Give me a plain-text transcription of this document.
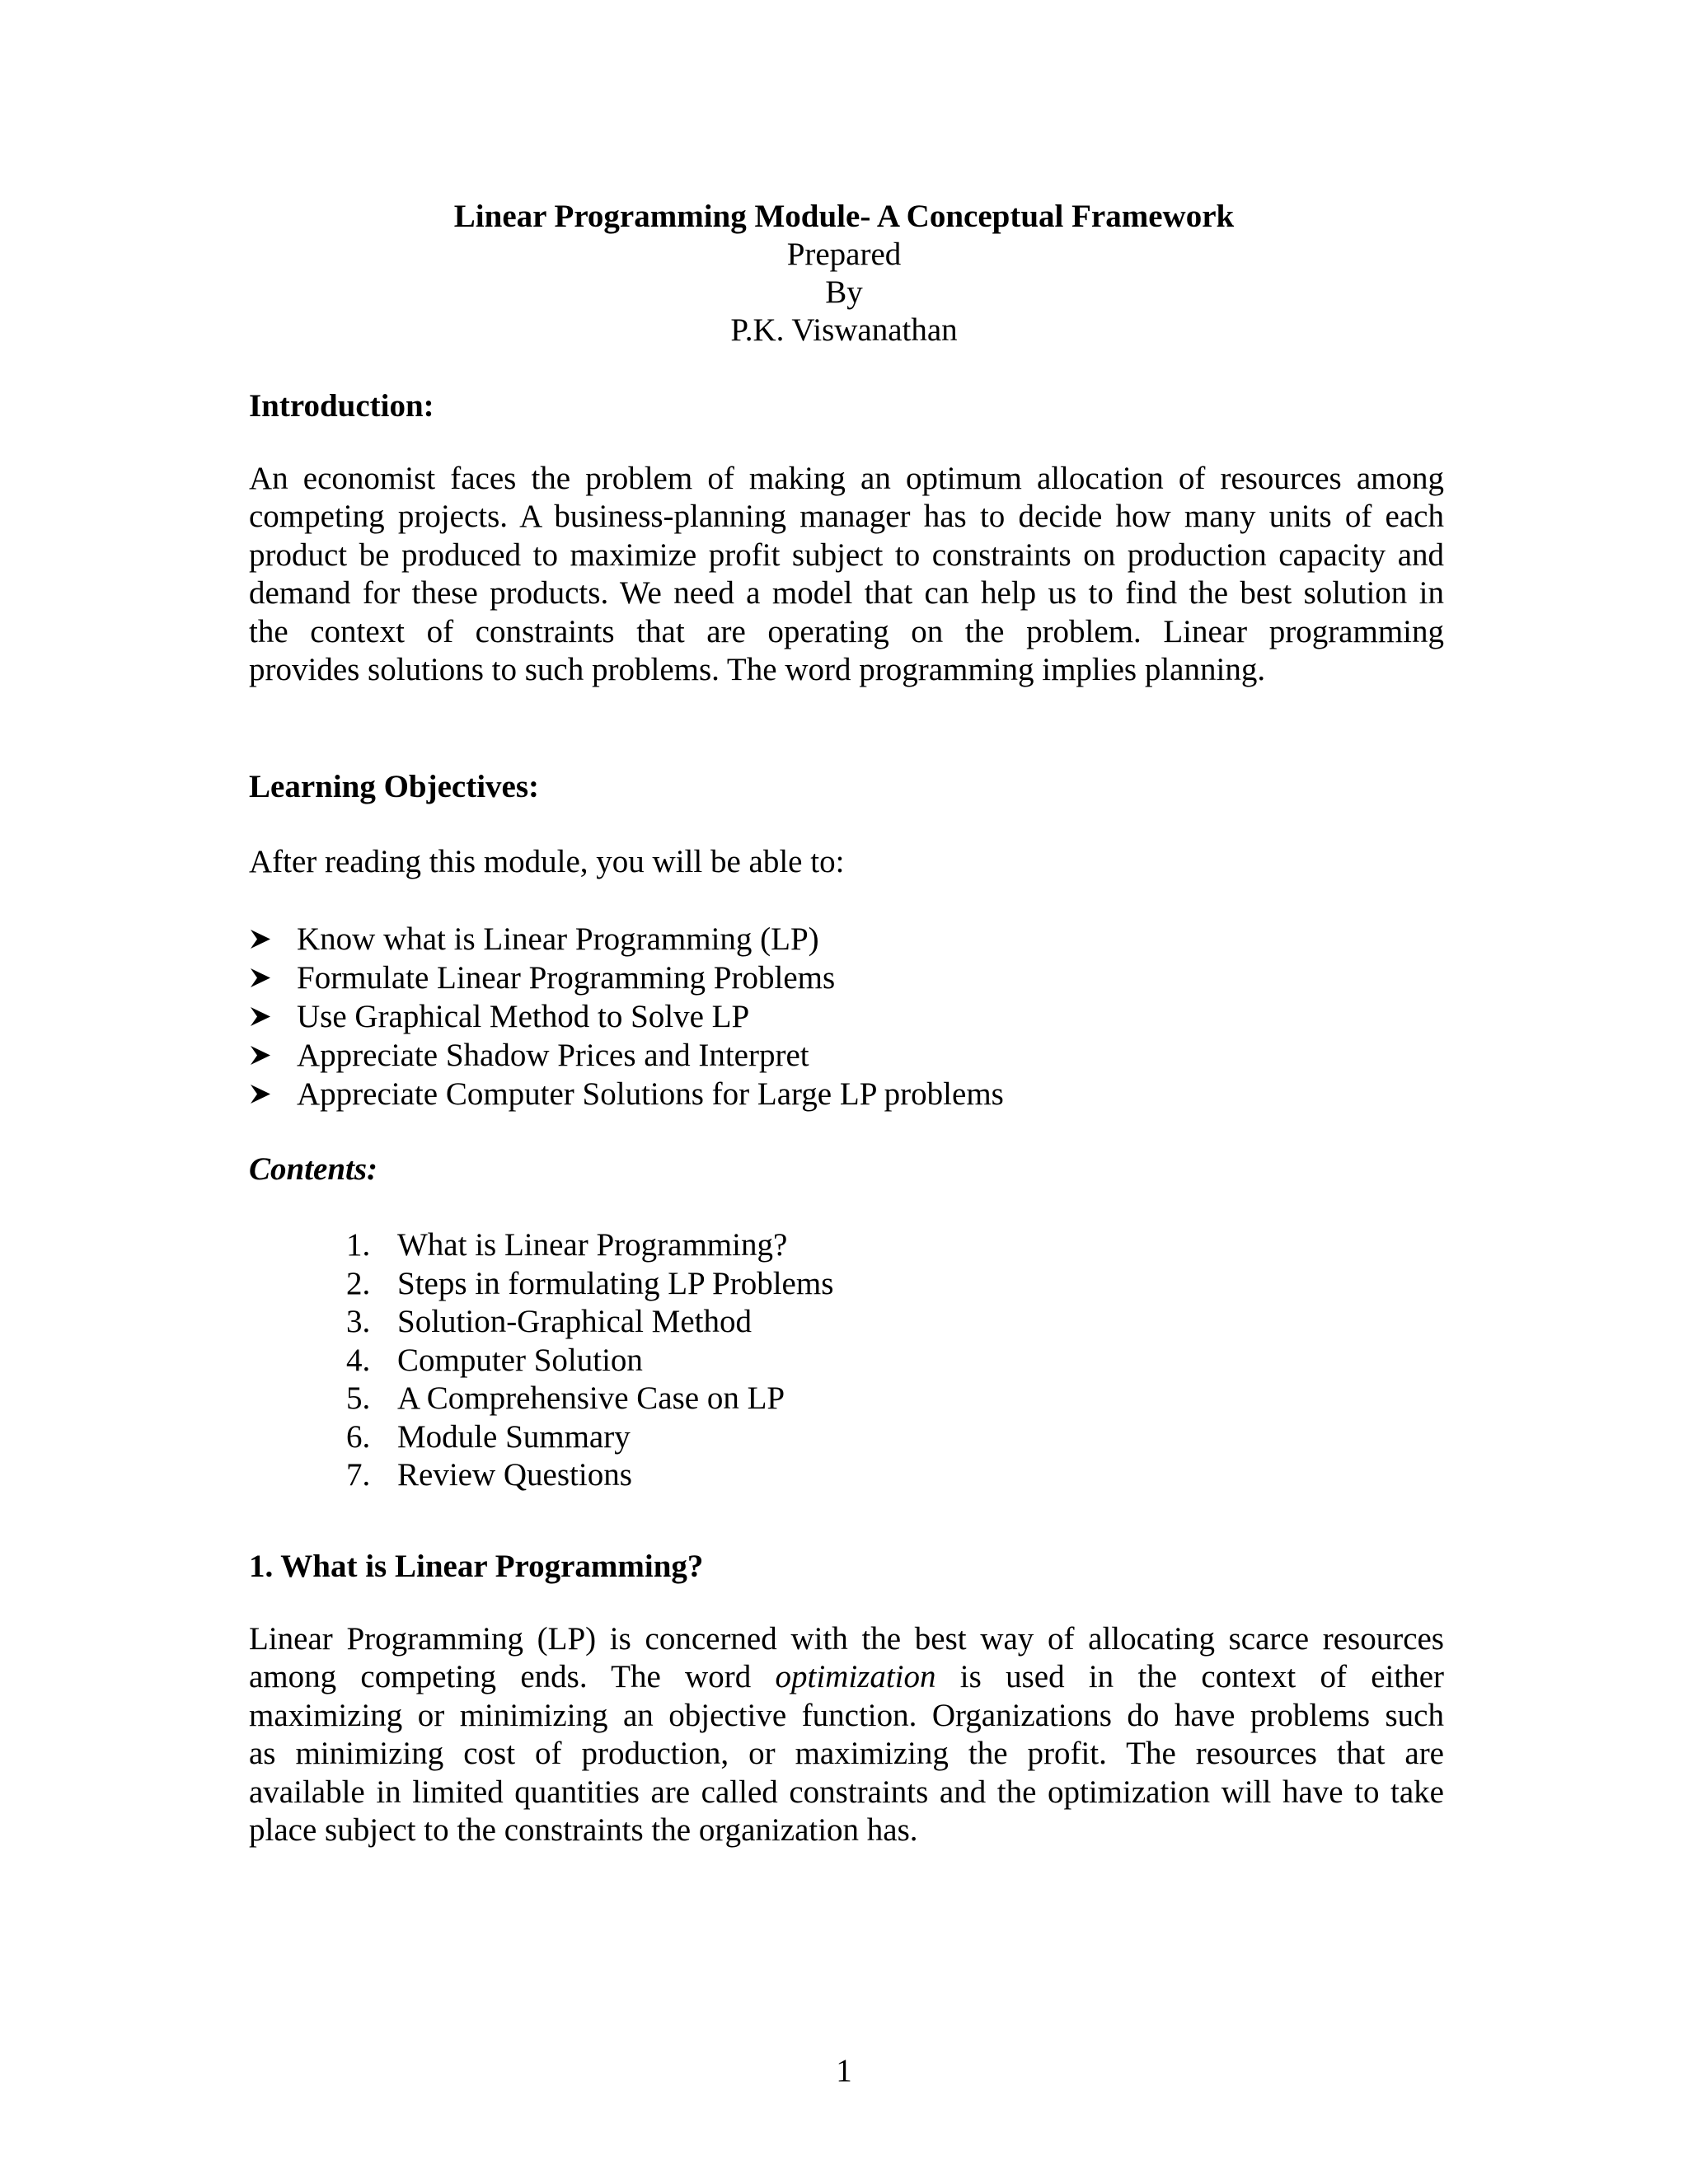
Linear Programming Module- A Conceptual Framework
Prepared
By
P.K. Viswanathan
Introduction:
An economist faces the problem of making an optimum allocation of resources among
competing projects. A business-planning manager has to decide how many units of each
product be produced to maximize profit subject to constraints on production capacity and
demand for these products. We need a model that can help us to find the best solution in
the context of constraints that are operating on the problem. Linear programming
provides solutions to such problems. The word programming implies planning.
Learning Objectives:
After reading this module, you will be able to:
Know what is Linear Programming (LP)
Formulate Linear Programming Problems
Use Graphical Method to Solve LP
Appreciate Shadow Prices and Interpret
Appreciate Computer Solutions for Large LP problems
Contents:
1. What is Linear Programming?
2. Steps in formulating LP Problems
3. Solution-Graphical Method
4. Computer Solution
5. A Comprehensive Case on LP
6. Module Summary
7. Review Questions
1. What is Linear Programming?
Linear Programming (LP) is concerned with the best way of allocating scarce resources
among competing ends. The word optimization is used in the context of either
maximizing or minimizing an objective function. Organizations do have problems such
as minimizing cost of production, or maximizing the profit. The resources that are
available in limited quantities are called constraints and the optimization will have to take
place subject to the constraints the organization has.
1
